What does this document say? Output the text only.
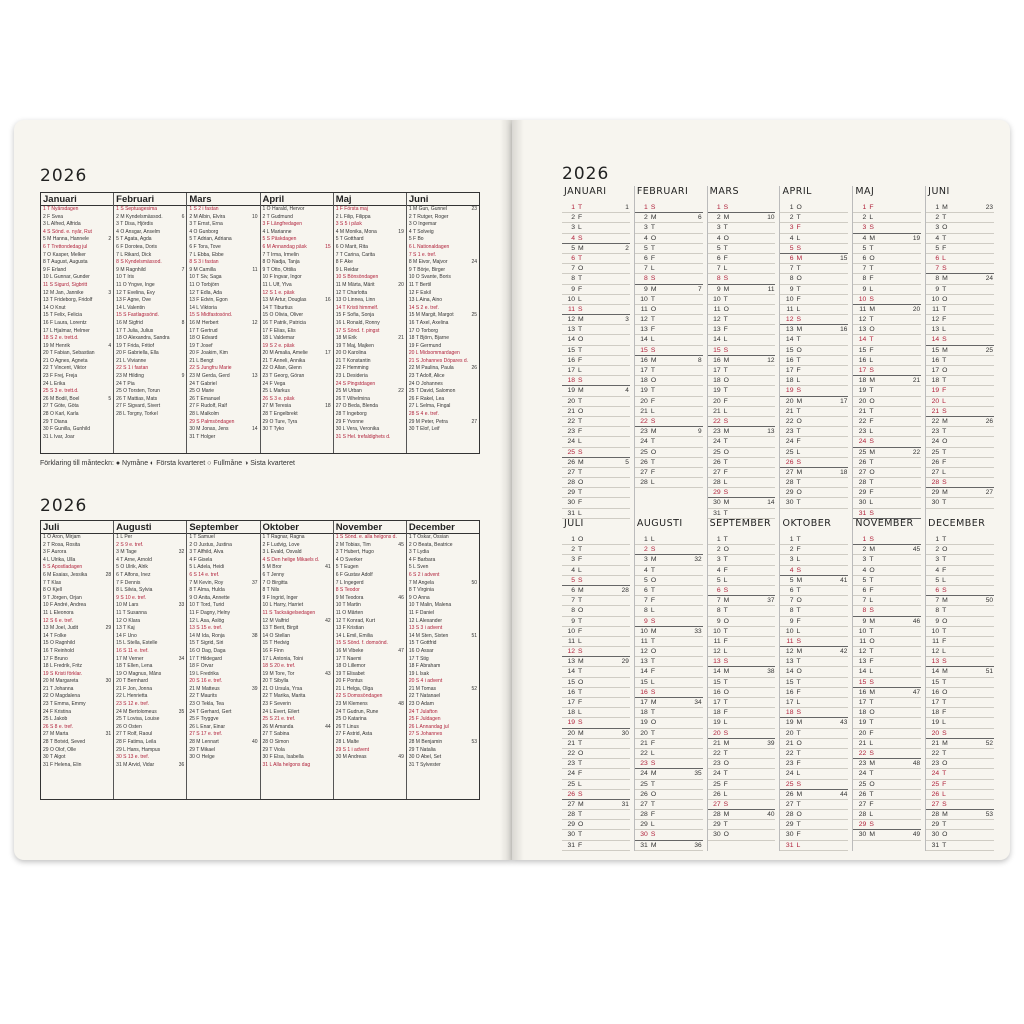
2026
Januari
1 T Nyårsdagen
2 F Svea
3 L Alfred, Alfrida
4 S Sönd. e. nyår, Rut
5 M Hanna, Hannele	2
6 T Trettondedag jul
7 O Kasper, Melker
8 T August, Augusta
9 F Erland
10 L Gunnar, Gunder
11 S Sigurd, Sigbritt
12 M Jan, Jannike	3
13 T Frideborg, Fridolf
14 O Knut
15 T Felix, Felicia
16 F Laura, Lorentz
17 L Hjalmar, Helmer
18 S 2 e. trett.d.
19 M Henrik	4
20 T Fabian, Sebastian
21 O Agnes, Agneta
22 T Vincent, Viktor
23 F Frej, Freja
24 L Erika
25 S 3 e. trett.d.
26 M Bodil, Boel	5
27 T Göte, Göta
28 O Karl, Karla
29 T Diana
30 F Gunilla, Gunhild
31 L Ivar, Joar
Februari
1 S Septuagesima
2 M Kyndelsmässod.	6
3 T Disa, Hjördis
4 O Ansgar, Anselm
5 T Agata, Agda
6 F Dorotea, Doris
7 L Rikard, Dick
8 S Kyndelsmässod.
9 M Ragnhild	7
10 T Iris
11 O Yngve, Inge
12 T Evelina, Evy
13 F Agne, Ove
14 L Valentin
15 S Fastlagssönd.
16 M Sigfrid	8
17 T Julia, Julius
18 O Alexandra, Sandra
19 T Frida, Fritiof
20 F Gabriella, Ella
21 L Vivianne
22 S 1 i fastan
23 M Hilding	9
24 T Pia
25 O Torsten, Torun
26 T Mattias, Mats
27 F Sigvard, Sivert
28 L Torgny, Torkel
Mars
1 S 2 i fastan
2 M Albin, Elvira	10
3 T Ernst, Erna
4 O Gunborg
5 T Adrian, Adriana
6 F Tora, Tove
7 L Ebba, Ebbe
8 S 3 i fastan
9 M Camilla	11
10 T Siv, Saga
11 O Torbjörn
12 T Edla, Ada
13 F Edvin, Egon
14 L Viktoria
15 S Midfastosönd.
16 M Herbert	12
17 T Gertrud
18 O Edvard
19 T Josef
20 F Joakim, Kim
21 L Bengt
22 S Jungfru Marie
23 M Gerda, Gerd	13
24 T Gabriel
25 O Marie
26 T Emanuel
27 F Rudolf, Ralf
28 L Malkolm
29 S Palmsöndagen
30 M Jonas, Jens	14
31 T Holger
April
1 O Harald, Hervor
2 T Gudmund
3 F Långfredagen
4 L Marianne
5 S Påskdagen
6 M Annandag påsk	15
7 T Irma, Irmelin
8 O Nadja, Tanja
9 T Otto, Ottilia
10 F Ingvar, Ingor
11 L Ulf, Ylva
12 S 1 e. påsk
13 M Artur, Douglas	16
14 T Tiburtius
15 O Olivia, Oliver
16 T Patrik, Patricia
17 F Elias, Elis
18 L Valdemar
19 S 2 e. påsk
20 M Amalia, Amelie	17
21 T Anneli, Annika
22 O Allan, Glenn
23 T Georg, Göran
24 F Vega
25 L Markus
26 S 3 e. påsk
27 M Teresia	18
28 T Engelbrekt
29 O Ture, Tyra
30 T Tyko
Maj
1 F Första maj
2 L Filip, Filippa
3 S 5 i påsk
4 M Monika, Mona	19
5 T Gotthard
6 O Marit, Rita
7 T Carina, Carita
8 F Åke
9 L Reidar
10 S Bönsöndagen
11 M Märta, Märit	20
12 T Charlotta
13 O Linnea, Linn
14 T Kristi himmelf.
15 F Sofia, Sonja
16 L Ronald, Ronny
17 S Sönd. f. pingst
18 M Erik	21
19 T Maj, Majken
20 O Karolina
21 T Konstantin
22 F Hemming
23 L Desideria
24 S Pingstdagen
25 M Urban	22
26 T Vilhelmina
27 O Beda, Blenda
28 T Ingeborg
29 F Yvonne
30 L Vera, Veronika
31 S Hel. trefaldighets d.
Juni
1 M Gun, Gunnel	23
2 T Rutger, Roger
3 O Ingemar
4 T Solveig
5 F Bo
6 L Nationaldagen
7 S 1 e. tref.
8 M Eivor, Majvor	24
9 T Börje, Birger
10 O Svante, Boris
11 T Bertil
12 F Eskil
13 L Aina, Aino
14 S 2 e. tref.
15 M Margit, Margot	25
16 T Axel, Axelina
17 O Torborg
18 T Björn, Bjarne
19 F Germund
20 L Midsommardagen
21 S Johannes Döpares d.
22 M Paulina, Paula	26
23 T Adolf, Alice
24 O Johannes
25 T David, Salomon
26 F Rakel, Lea
27 L Selma, Fingal
28 S 4 e. tref.
29 M Peter, Petra	27
30 T Elof, Leif
Förklaring till månteckn: ● Nymåne ◐ Första kvarteret ○ Fullmåne ◑ Sista kvarteret
2026
Juli
1 O Aron, Mirjam
2 T Rosa, Rosita
3 F Aurora
4 L Ulrika, Ulla
5 S Apostladagen
6 M Esaias, Jessika	28
7 T Klas
8 O Kjell
9 T Jörgen, Örjan
10 F André, Andrea
11 L Eleonora
12 S 6 e. tref.
13 M Joel, Judit	29
14 T Folke
15 O Ragnhild
16 T Reinhold
17 F Bruno
18 L Fredrik, Fritz
19 S Kristi förklar.
20 M Margareta	30
21 T Johanna
22 O Magdalena
23 T Emma, Emmy
24 F Kristina
25 L Jakob
26 S 8 e. tref.
27 M Marta	31
28 T Botvid, Seved
29 O Olof, Olle
30 T Algot
31 F Helena, Elin
Augusti
1 L Per
2 S 9 e. tref.
3 M Tage	32
4 T Arne, Arnold
5 O Ulrik, Alrik
6 T Alfons, Inez
7 F Dennis
8 L Silvia, Sylvia
9 S 10 e. tref.
10 M Lars	33
11 T Susanna
12 O Klara
13 T Kaj
14 F Uno
15 L Stella, Estelle
16 S 11 e. tref.
17 M Verner	34
18 T Ellen, Lena
19 O Magnus, Måns
20 T Bernhard
21 F Jon, Jonna
22 L Henrietta
23 S 12 e. tref.
24 M Bertolomeus	35
25 T Lovisa, Louise
26 O Östen
27 T Rolf, Raoul
28 F Fatima, Leila
29 L Hans, Hampus
30 S 13 e. tref.
31 M Arvid, Vidar	36
September
1 T Samuel
2 O Justus, Justina
3 T Alfhild, Alva
4 F Gisela
5 L Adela, Heidi
6 S 14 e. tref.
7 M Kevin, Roy	37
8 T Alma, Hulda
9 O Anita, Annette
10 T Tord, Turid
11 F Dagny, Helny
12 L Åsa, Åslög
13 S 15 e. tref.
14 M Ida, Ronja	38
15 T Sigrid, Siri
16 O Dag, Daga
17 T Hildegard
18 F Orvar
19 L Fredrika
20 S 16 e. tref.
21 M Matteus	39
22 T Maurits
23 O Tekla, Tea
24 T Gerhard, Gert
25 F Tryggve
26 L Enar, Einar
27 S 17 e. tref.
28 M Lennart	40
29 T Mikael
30 O Helge
Oktober
1 T Ragnar, Ragna
2 F Ludvig, Love
3 L Evald, Osvald
4 S Den helige Mikaels d.
5 M Bror	41
6 T Jenny
7 O Birgitta
8 T Nils
9 F Ingrid, Inger
10 L Harry, Harriet
11 S Tacksägelsedagen
12 M Valfrid	42
13 T Berit, Birgit
14 O Stellan
15 T Hedvig
16 F Finn
17 L Antonia, Toini
18 S 20 e. tref.
19 M Tore, Tor	43
20 T Sibylla
21 O Ursula, Yrsa
22 T Marika, Marita
23 F Severin
24 L Evert, Eilert
25 S 21 e. tref.
26 M Amanda	44
27 T Sabina
28 O Simon
29 T Viola
30 F Elsa, Isabella
31 L Alla helgons dag
November
1 S Sönd. e. alla helgons d.
2 M Tobias, Tim	45
3 T Hubert, Hugo
4 O Sverker
5 T Eugen
6 F Gustav Adolf
7 L Ingegerd
8 S Teodor
9 M Teodora	46
10 T Martin
11 O Mårten
12 T Konrad, Kurt
13 F Kristian
14 L Emil, Emilia
15 S Sönd. f. domsönd.
16 M Vibeke	47
17 T Naemi
18 O Lillemor
19 T Elisabet
20 F Pontus
21 L Helga, Olga
22 S Domssöndagen
23 M Klemens	48
24 T Gudrun, Rune
25 O Katarina
26 T Linus
27 F Astrid, Asta
28 L Malte
29 S 1 i advent
30 M Andreas	49
December
1 T Oskar, Ossian
2 O Beata, Beatrice
3 T Lydia
4 F Barbara
5 L Sven
6 S 2 i advent
7 M Angela	50
8 T Virginia
9 O Anna
10 T Malin, Malena
11 F Daniel
12 L Alexander
13 S 3 i advent
14 M Sten, Sixten	51
15 T Gottfrid
16 O Assar
17 T Stig
18 F Abraham
19 L Isak
20 S 4 i advent
21 M Tomas	52
22 T Natanael
23 O Adam
24 T Julafton
25 F Juldagen
26 L Annandag jul
27 S Johannes
28 M Benjamin	53
29 T Natalia
30 O Abel, Set
31 T Sylvester
2026
JANUARI
1 T	1
2 F
3 L
4 S
5 M	2
6 T
7 O
8 T
9 F
10 L
11 S
12 M	3
13 T
14 O
15 T
16 F
17 L
18 S
19 M	4
20 T
21 O
22 T
23 F
24 L
25 S
26 M	5
27 T
28 O
29 T
30 F
31 L
FEBRUARI
1 S
2 M	6
3 T
4 O
5 T
6 F
7 L
8 S
9 M	7
10 T
11 O
12 T
13 F
14 L
15 S
16 M	8
17 T
18 O
19 T
20 F
21 L
22 S
23 M	9
24 T
25 O
26 T
27 F
28 L
MARS
1 S
2 M	10
3 T
4 O
5 T
6 F
7 L
8 S
9 M	11
10 T
11 O
12 T
13 F
14 L
15 S
16 M	12
17 T
18 O
19 T
20 F
21 L
22 S
23 M	13
24 T
25 O
26 T
27 F
28 L
29 S
30 M	14
31 T
APRIL
1 O
2 T
3 F
4 L
5 S
6 M	15
7 T
8 O
9 T
10 F
11 L
12 S
13 M	16
14 T
15 O
16 T
17 F
18 L
19 S
20 M	17
21 T
22 O
23 T
24 F
25 L
26 S
27 M	18
28 T
29 O
30 T
MAJ
1 F
2 L
3 S
4 M	19
5 T
6 O
7 T
8 F
9 L
10 S
11 M	20
12 T
13 O
14 T
15 F
16 L
17 S
18 M	21
19 T
20 O
21 T
22 F
23 L
24 S
25 M	22
26 T
27 O
28 T
29 F
30 L
31 S
JUNI
1 M	23
2 T
3 O
4 T
5 F
6 L
7 S
8 M	24
9 T
10 O
11 T
12 F
13 L
14 S
15 M	25
16 T
17 O
18 T
19 F
20 L
21 S
22 M	26
23 T
24 O
25 T
26 F
27 L
28 S
29 M	27
30 T
JULI
1 O
2 T
3 F
4 L
5 S
6 M	28
7 T
8 O
9 T
10 F
11 L
12 S
13 M	29
14 T
15 O
16 T
17 F
18 L
19 S
20 M	30
21 T
22 O
23 T
24 F
25 L
26 S
27 M	31
28 T
29 O
30 T
31 F
AUGUSTI
1 L
2 S
3 M	32
4 T
5 O
6 T
7 F
8 L
9 S
10 M	33
11 T
12 O
13 T
14 F
15 L
16 S
17 M	34
18 T
19 O
20 T
21 F
22 L
23 S
24 M	35
25 T
26 O
27 T
28 F
29 L
30 S
31 M	36
SEPTEMBER
1 T
2 O
3 T
4 F
5 L
6 S
7 M	37
8 T
9 O
10 T
11 F
12 L
13 S
14 M	38
15 T
16 O
17 T
18 F
19 L
20 S
21 M	39
22 T
23 O
24 T
25 F
26 L
27 S
28 M	40
29 T
30 O
OKTOBER
1 T
2 F
3 L
4 S
5 M	41
6 T
7 O
8 T
9 F
10 L
11 S
12 M	42
13 T
14 O
15 T
16 F
17 L
18 S
19 M	43
20 T
21 O
22 T
23 F
24 L
25 S
26 M	44
27 T
28 O
29 T
30 F
31 L
NOVEMBER
1 S
2 M	45
3 T
4 O
5 T
6 F
7 L
8 S
9 M	46
10 T
11 O
12 T
13 F
14 L
15 S
16 M	47
17 T
18 O
19 T
20 F
21 L
22 S
23 M	48
24 T
25 O
26 T
27 F
28 L
29 S
30 M	49
DECEMBER
1 T
2 O
3 T
4 F
5 L
6 S
7 M	50
8 T
9 O
10 T
11 F
12 L
13 S
14 M	51
15 T
16 O
17 T
18 F
19 L
20 S
21 M	52
22 T
23 O
24 T
25 F
26 L
27 S
28 M	53
29 T
30 O
31 T
